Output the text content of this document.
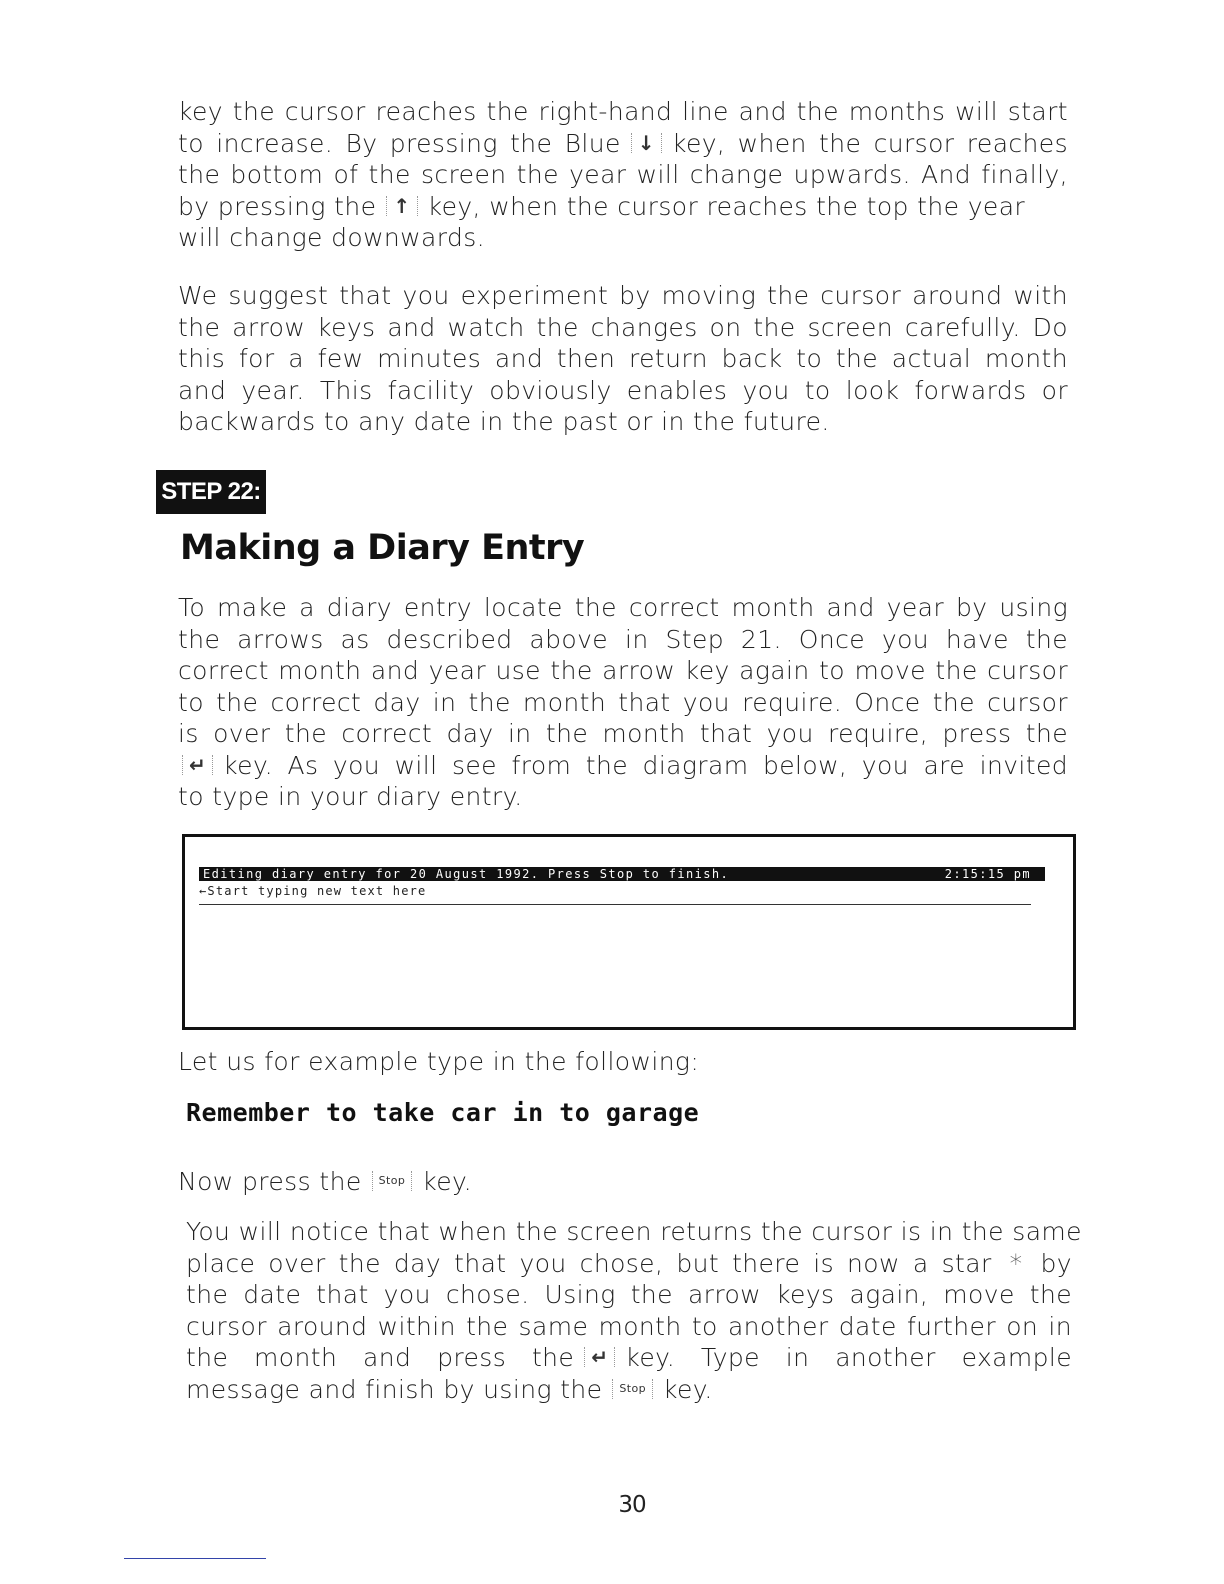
key the cursor reaches the right-hand line and the months will start
to increase. By pressing the Blue ↓ key, when the cursor reaches
the bottom of the screen the year will change upwards. And finally,
by pressing the ↑ key, when the cursor reaches the top the year
will change downwards.
We suggest that you experiment by moving the cursor around with
the arrow keys and watch the changes on the screen carefully. Do
this for a few minutes and then return back to the actual month
and year. This facility obviously enables you to look forwards or
backwards to any date in the past or in the future.
STEP 22:
Making a Diary Entry
To make a diary entry locate the correct month and year by using
the arrows as described above in Step 21. Once you have the
correct month and year use the arrow key again to move the cursor
to the correct day in the month that you require. Once the cursor
is over the correct day in the month that you require, press the
↵ key. As you will see from the diagram below, you are invited
to type in your diary entry.
Editing diary entry for 20 August 1992. Press Stop to finish.	2:15:15 pm
←Start typing new text here
Let us for example type in the following:
Remember to take car in to garage
Now press the Stop key.
You will notice that when the screen returns the cursor is in the same
place over the day that you chose, but there is now a star * by
the date that you chose. Using the arrow keys again, move the
cursor around within the same month to another date further on in
the month and press the ↵ key. Type in another example
message and finish by using the Stop key.
30
